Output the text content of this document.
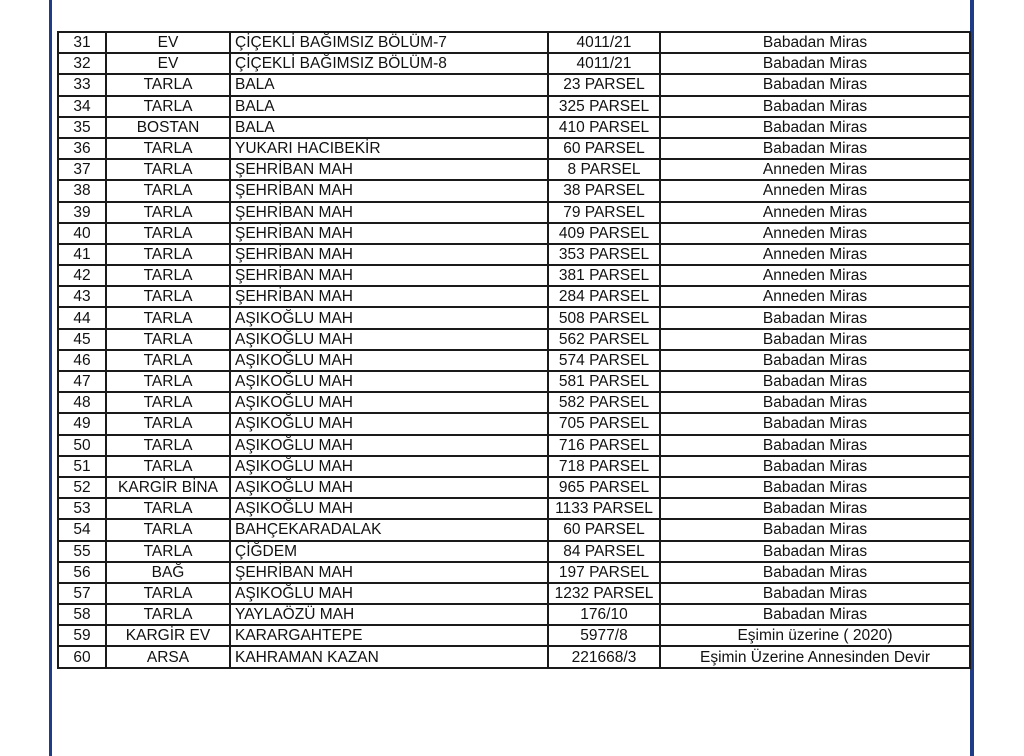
31	EV	ÇİÇEKLİ BAĞIMSIZ BÖLÜM-7	4011/21	Babadan Miras
32	EV	ÇİÇEKLİ BAĞIMSIZ BÖLÜM-8	4011/21	Babadan Miras
33	TARLA	BALA	23 PARSEL	Babadan Miras
34	TARLA	BALA	325 PARSEL	Babadan Miras
35	BOSTAN	BALA	410 PARSEL	Babadan Miras
36	TARLA	YUKARI HACIBEKİR	60 PARSEL	Babadan Miras
37	TARLA	ŞEHRİBAN MAH	8 PARSEL	Anneden Miras
38	TARLA	ŞEHRİBAN MAH	38 PARSEL	Anneden Miras
39	TARLA	ŞEHRİBAN MAH	79 PARSEL	Anneden Miras
40	TARLA	ŞEHRİBAN MAH	409 PARSEL	Anneden Miras
41	TARLA	ŞEHRİBAN MAH	353 PARSEL	Anneden Miras
42	TARLA	ŞEHRİBAN MAH	381 PARSEL	Anneden Miras
43	TARLA	ŞEHRİBAN MAH	284 PARSEL	Anneden Miras
44	TARLA	AŞIKOĞLU MAH	508 PARSEL	Babadan Miras
45	TARLA	AŞIKOĞLU MAH	562 PARSEL	Babadan Miras
46	TARLA	AŞIKOĞLU MAH	574 PARSEL	Babadan Miras
47	TARLA	AŞIKOĞLU MAH	581 PARSEL	Babadan Miras
48	TARLA	AŞIKOĞLU MAH	582 PARSEL	Babadan Miras
49	TARLA	AŞIKOĞLU MAH	705 PARSEL	Babadan Miras
50	TARLA	AŞIKOĞLU MAH	716 PARSEL	Babadan Miras
51	TARLA	AŞIKOĞLU MAH	718 PARSEL	Babadan Miras
52	KARGİR BİNA	AŞIKOĞLU MAH	965 PARSEL	Babadan Miras
53	TARLA	AŞIKOĞLU MAH	1133 PARSEL	Babadan Miras
54	TARLA	BAHÇEKARADALAK	60 PARSEL	Babadan Miras
55	TARLA	ÇİĞDEM	84 PARSEL	Babadan Miras
56	BAĞ	ŞEHRİBAN MAH	197 PARSEL	Babadan Miras
57	TARLA	AŞIKOĞLU MAH	1232 PARSEL	Babadan Miras
58	TARLA	YAYLAÖZÜ MAH	176/10	Babadan Miras
59	KARGİR EV	KARARGAHTEPE	5977/8	Eşimin üzerine ( 2020)
60	ARSA	KAHRAMAN KAZAN	221668/3	Eşimin Üzerine Annesinden Devir
